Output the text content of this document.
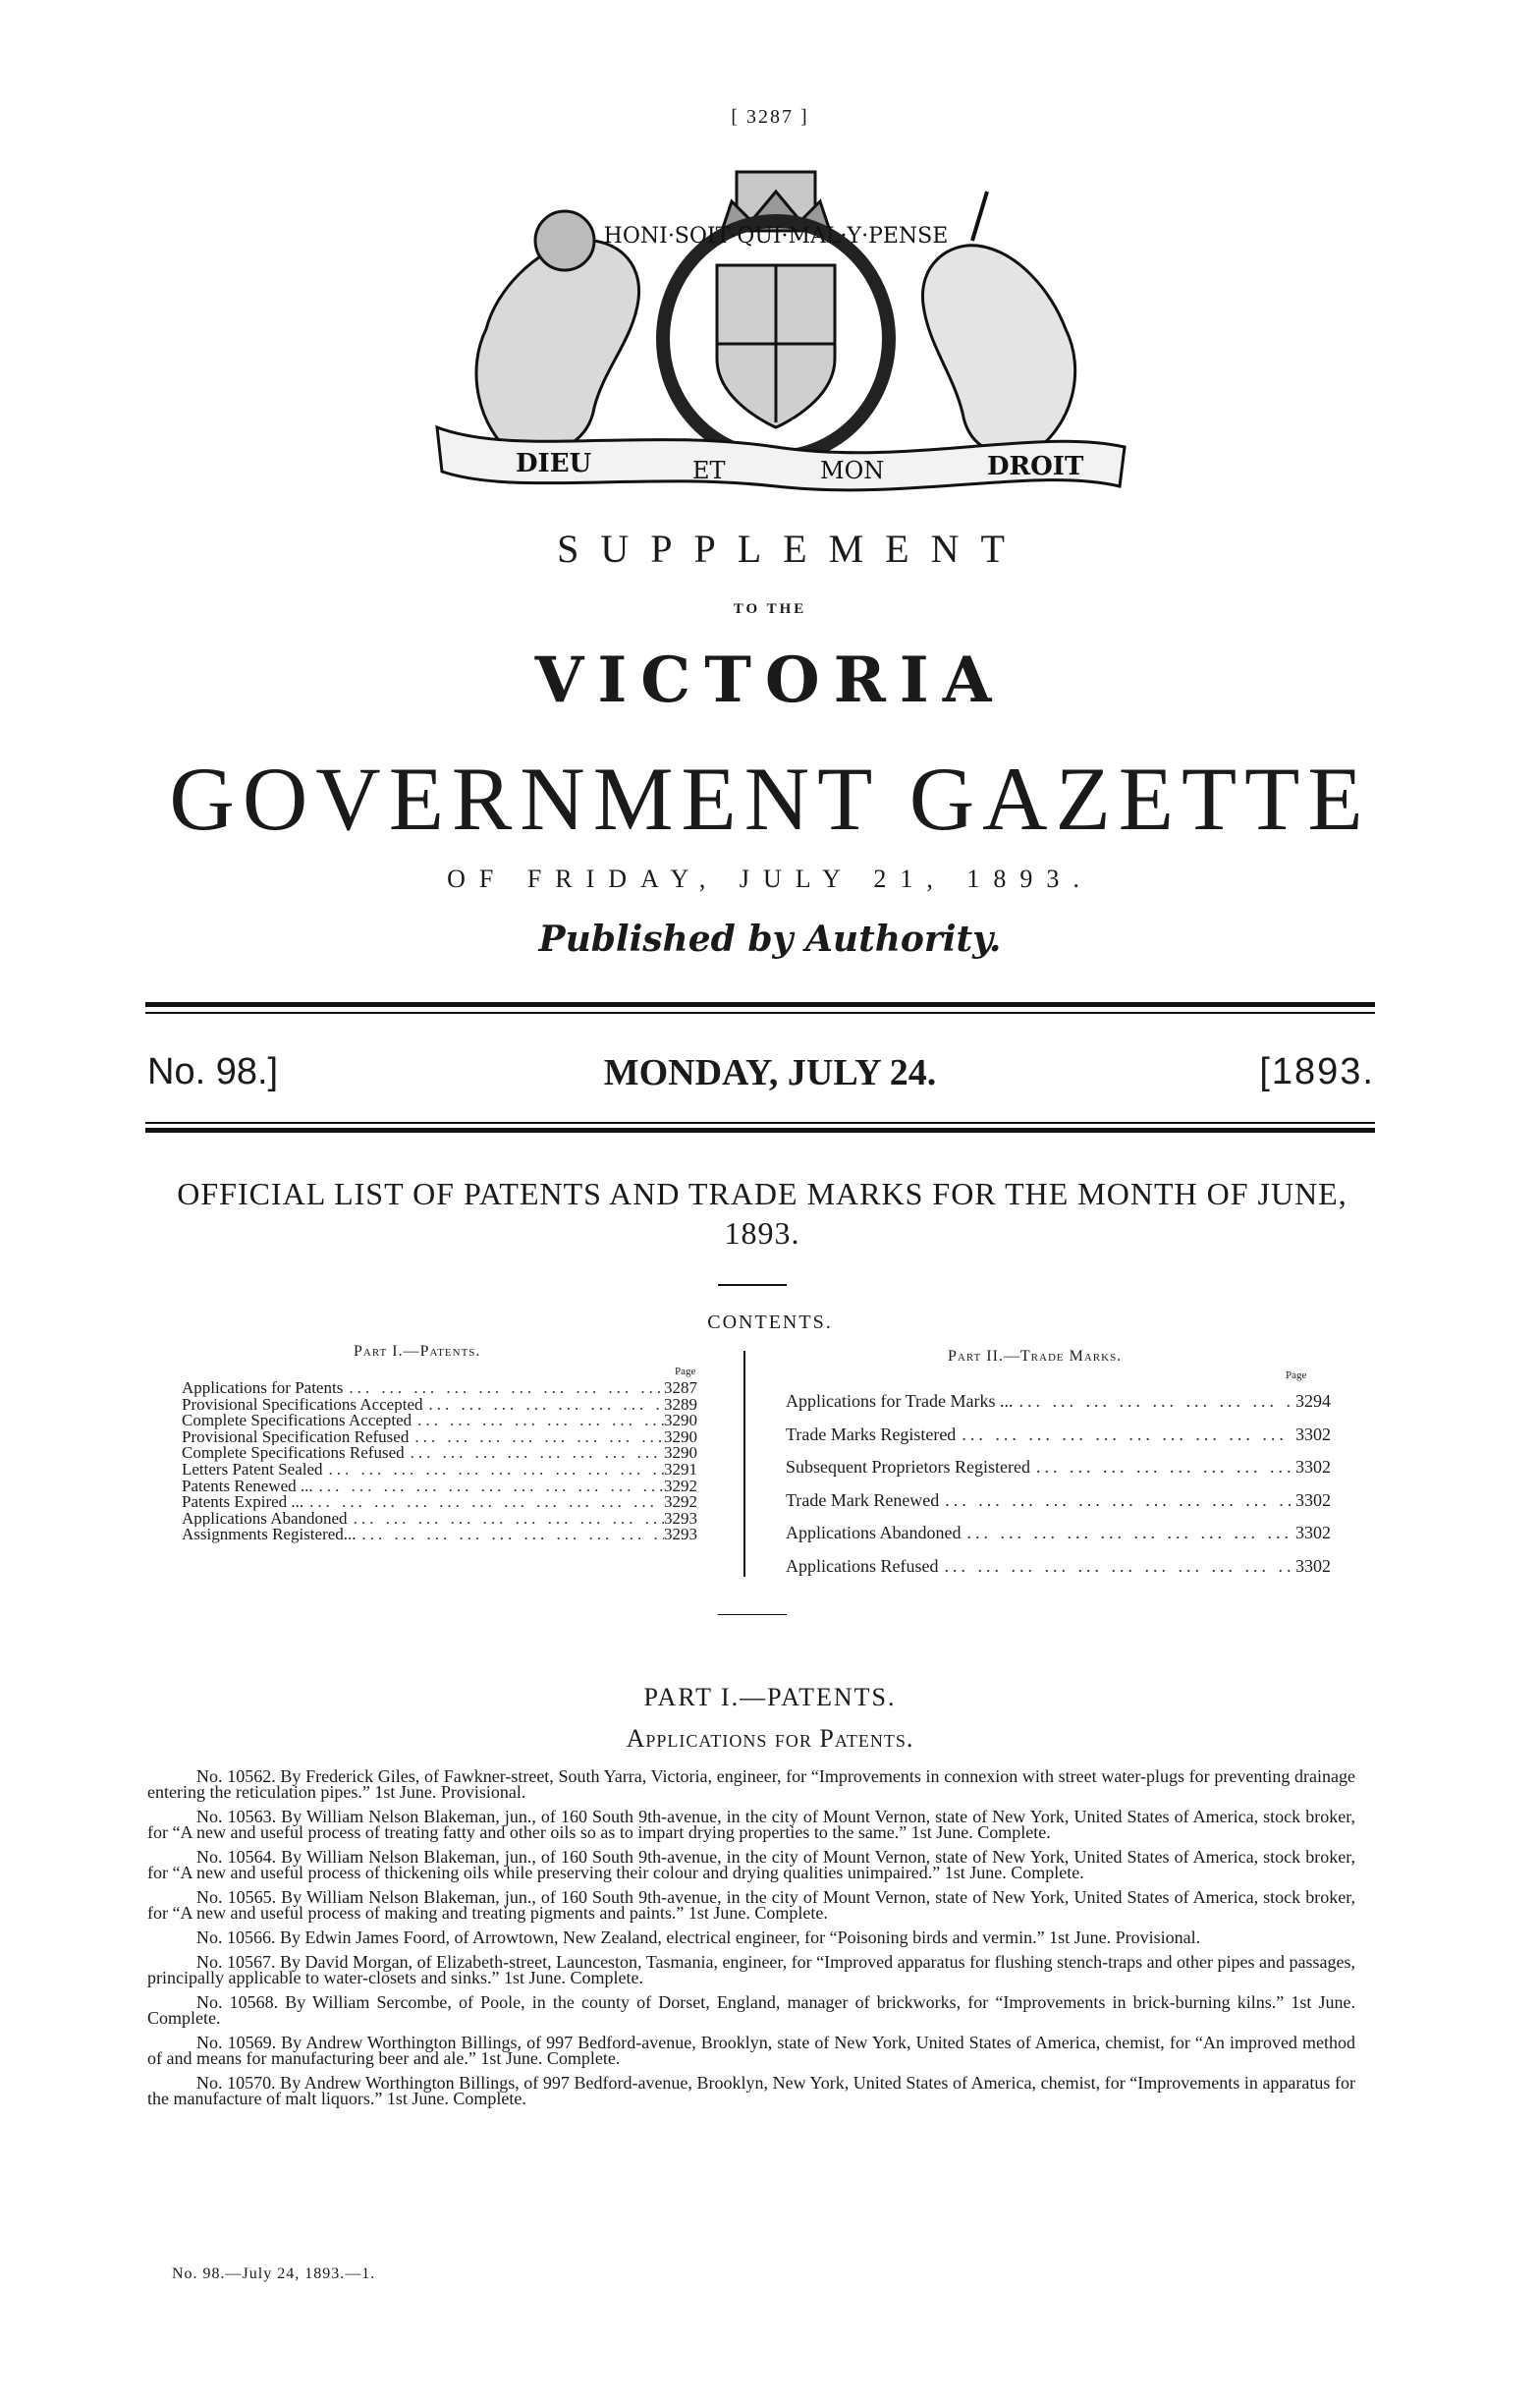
[ 3287 ]
HONI·SOIT·QUI·MAL·Y·PENSE
DIEU	ET	MON	DROIT
SUPPLEMENT
TO THE
VICTORIA
GOVERNMENT GAZETTE
OF FRIDAY, JULY 21, 1893.
Published by Authority.
No. 98.]	MONDAY, JULY 24.	[1893.
OFFICIAL LIST OF PATENTS AND TRADE MARKS FOR THE MONTH OF JUNE, 1893.
CONTENTS.
Part I.—Patents.	Part II.—Trade Marks.
Page	Page
Applications for Patents ... .	3287
Provisional Specifications Accepted ... .	3289
Complete Specifications Accepted ... .	3290
Provisional Specification Refused ... .	3290
Complete Specifications Refused ... .	3290
Letters Patent Sealed ... .	3291
Patents Renewed ... ... .	3292
Patents Expired ... ... .	3292
Applications Abandoned ... .	3293
Assignments Registered... ... .	3293
Applications for Trade Marks ... ... .	3294
Trade Marks Registered ... .	3302
Subsequent Proprietors Registered ... .	3302
Trade Mark Renewed ... .	3302
Applications Abandoned ... .	3302
Applications Refused ... .	3302
PART I.—PATENTS.
Applications for Patents.

No. 10562. By Frederick Giles, of Fawkner-street, South Yarra, Victoria, engineer, for “Improvements in connexion with street water-plugs for preventing drainage entering the reticulation pipes.” 1st June. Provisional.

No. 10563. By William Nelson Blakeman, jun., of 160 South 9th-avenue, in the city of Mount Vernon, state of New York, United States of America, stock broker, for “A new and useful process of treating fatty and other oils so as to impart drying properties to the same.” 1st June. Complete.

No. 10564. By William Nelson Blakeman, jun., of 160 South 9th-avenue, in the city of Mount Vernon, state of New York, United States of America, stock broker, for “A new and useful process of thickening oils while preserving their colour and drying qualities unimpaired.” 1st June. Complete.

No. 10565. By William Nelson Blakeman, jun., of 160 South 9th-avenue, in the city of Mount Vernon, state of New York, United States of America, stock broker, for “A new and useful process of making and treating pigments and paints.” 1st June. Complete.

No. 10566. By Edwin James Foord, of Arrowtown, New Zealand, electrical engineer, for “Poisoning birds and vermin.” 1st June. Provisional.

No. 10567. By David Morgan, of Elizabeth-street, Launceston, Tasmania, engineer, for “Improved apparatus for flushing stench-traps and other pipes and passages, principally applicable to water-closets and sinks.” 1st June. Complete.

No. 10568. By William Sercombe, of Poole, in the county of Dorset, England, manager of brickworks, for “Improvements in brick-burning kilns.” 1st June. Complete.

No. 10569. By Andrew Worthington Billings, of 997 Bedford-avenue, Brooklyn, state of New York, United States of America, chemist, for “An improved method of and means for manufacturing beer and ale.” 1st June. Complete.

No. 10570. By Andrew Worthington Billings, of 997 Bedford-avenue, Brooklyn, New York, United States of America, chemist, for “Improvements in apparatus for the manufacture of malt liquors.” 1st June. Complete.

No. 98.—July 24, 1893.—1.
